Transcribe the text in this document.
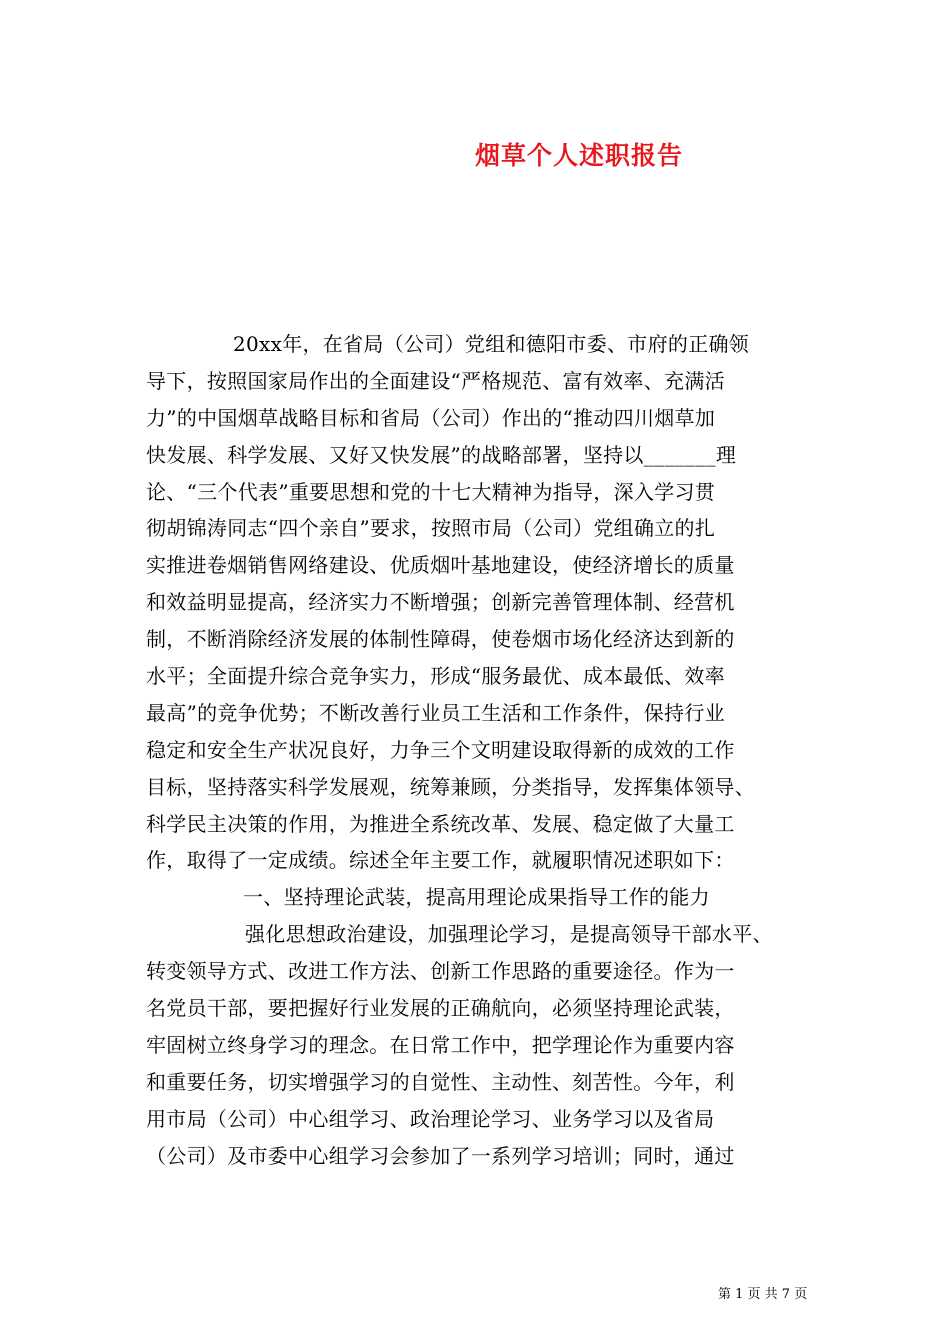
烟草个人述职报告
20xx年，在省局（公司）党组和德阳市委、市府的正确领
导下，按照国家局作出的全面建设“严格规范、富有效率、充满活
力”的中国烟草战略目标和省局（公司）作出的“推动四川烟草加
快发展、科学发展、又好又快发展”的战略部署，坚持以_______理
论、“三个代表”重要思想和党的十七大精神为指导，深入学习贯
彻胡锦涛同志“四个亲自”要求，按照市局（公司）党组确立的扎
实推进卷烟销售网络建设、优质烟叶基地建设，使经济增长的质量
和效益明显提高，经济实力不断增强；创新完善管理体制、经营机
制，不断消除经济发展的体制性障碍，使卷烟市场化经济达到新的
水平；全面提升综合竞争实力，形成“服务最优、成本最低、效率
最高”的竞争优势；不断改善行业员工生活和工作条件，保持行业
稳定和安全生产状况良好，力争三个文明建设取得新的成效的工作
目标，坚持落实科学发展观，统筹兼顾，分类指导，发挥集体领导、
科学民主决策的作用，为推进全系统改革、发展、稳定做了大量工
作，取得了一定成绩。综述全年主要工作，就履职情况述职如下：
一、坚持理论武装，提高用理论成果指导工作的能力
强化思想政治建设，加强理论学习，是提高领导干部水平、
转变领导方式、改进工作方法、创新工作思路的重要途径。作为一
名党员干部，要把握好行业发展的正确航向，必须坚持理论武装，
牢固树立终身学习的理念。在日常工作中，把学理论作为重要内容
和重要任务，切实增强学习的自觉性、主动性、刻苦性。今年，利
用市局（公司）中心组学习、政治理论学习、业务学习以及省局
（公司）及市委中心组学习会参加了一系列学习培训；同时，通过
第 1 页 共 7 页
